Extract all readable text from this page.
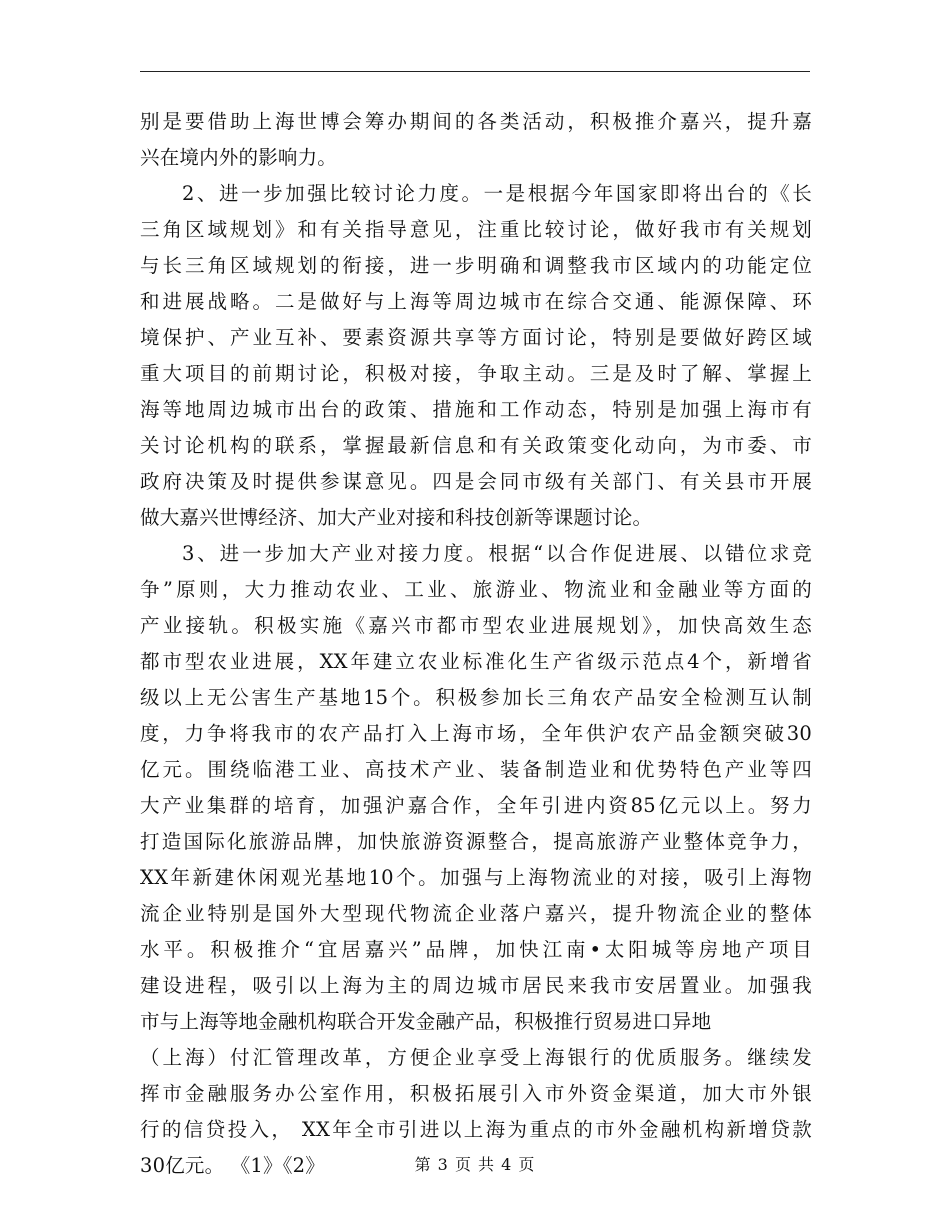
别是要借助上海世博会筹办期间的各类活动，积极推介嘉兴，提升嘉
兴在境内外的影响力。
2、进一步加强比较讨论力度。一是根据今年国家即将出台的《长
三角区域规划》和有关指导意见，注重比较讨论，做好我市有关规划
与长三角区域规划的衔接，进一步明确和调整我市区域内的功能定位
和进展战略。二是做好与上海等周边城市在综合交通、能源保障、环
境保护、产业互补、要素资源共享等方面讨论，特别是要做好跨区域
重大项目的前期讨论，积极对接，争取主动。三是及时了解、掌握上
海等地周边城市出台的政策、措施和工作动态，特别是加强上海市有
关讨论机构的联系，掌握最新信息和有关政策变化动向，为市委、市
政府决策及时提供参谋意见。四是会同市级有关部门、有关县市开展
做大嘉兴世博经济、加大产业对接和科技创新等课题讨论。
3、进一步加大产业对接力度。根据“以合作促进展、以错位求竞
争”原则，大力推动农业、工业、旅游业、物流业和金融业等方面的
产业接轨。积极实施《嘉兴市都市型农业进展规划》，加快高效生态
都市型农业进展，XX年建立农业标准化生产省级示范点4个，新增省
级以上无公害生产基地15个。积极参加长三角农产品安全检测互认制
度，力争将我市的农产品打入上海市场，全年供沪农产品金额突破30
亿元。围绕临港工业、高技术产业、装备制造业和优势特色产业等四
大产业集群的培育，加强沪嘉合作，全年引进内资85亿元以上。努力
打造国际化旅游品牌，加快旅游资源整合，提高旅游产业整体竞争力，
XX年新建休闲观光基地10个。加强与上海物流业的对接，吸引上海物
流企业特别是国外大型现代物流企业落户嘉兴，提升物流企业的整体
水平。积极推介“宜居嘉兴”品牌，加快江南•太阳城等房地产项目
建设进程，吸引以上海为主的周边城市居民来我市安居置业。加强我
市与上海等地金融机构联合开发金融产品，积极推行贸易进口异地
（上海）付汇管理改革，方便企业享受上海银行的优质服务。继续发
挥市金融服务办公室作用，积极拓展引入市外资金渠道，加大市外银
行的信贷投入， XX年全市引进以上海为重点的市外金融机构新增贷款
30亿元。 《1》《2》	第 3 页 共 4 页
